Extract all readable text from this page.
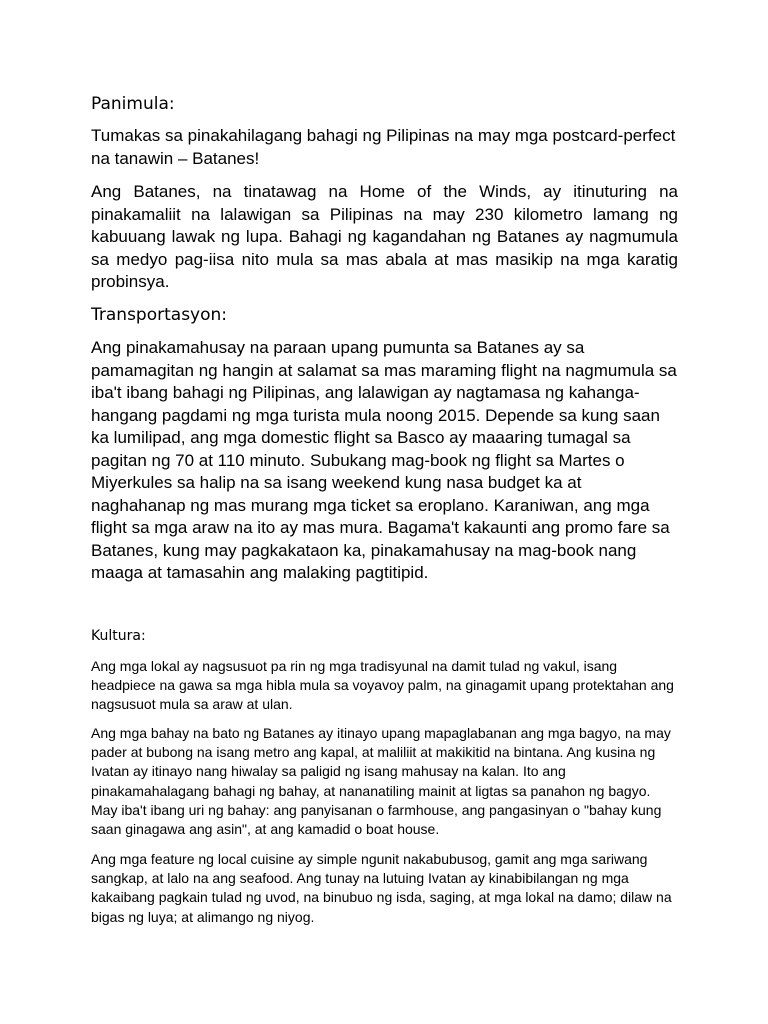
Panimula:

Tumakas sa pinakahilagang bahagi ng Pilipinas na may mga postcard-perfect na tanawin – Batanes!

Ang Batanes, na tinatawag na Home of the Winds, ay itinuturing na pinakamaliit na lalawigan sa Pilipinas na may 230 kilometro lamang ng kabuuang lawak ng lupa. Bahagi ng kagandahan ng Batanes ay nagmumula sa medyo pag-iisa nito mula sa mas abala at mas masikip na mga karatig probinsya.

Transportasyon:

Ang pinakamahusay na paraan upang pumunta sa Batanes ay sa pamamagitan ng hangin at salamat sa mas maraming flight na nagmumula sa iba't ibang bahagi ng Pilipinas, ang lalawigan ay nagtamasa ng kahanga-hangang pagdami ng mga turista mula noong 2015. Depende sa kung saan ka lumilipad, ang mga domestic flight sa Basco ay maaaring tumagal sa pagitan ng 70 at 110 minuto. Subukang mag-book ng flight sa Martes o Miyerkules sa halip na sa isang weekend kung nasa budget ka at naghahanap ng mas murang mga ticket sa eroplano. Karaniwan, ang mga flight sa mga araw na ito ay mas mura. Bagama't kakaunti ang promo fare sa Batanes, kung may pagkakataon ka, pinakamahusay na mag-book nang maaga at tamasahin ang malaking pagtitipid.

Kultura:

Ang mga lokal ay nagsusuot pa rin ng mga tradisyunal na damit tulad ng vakul, isang headpiece na gawa sa mga hibla mula sa voyavoy palm, na ginagamit upang protektahan ang nagsusuot mula sa araw at ulan.

Ang mga bahay na bato ng Batanes ay itinayo upang mapaglabanan ang mga bagyo, na may pader at bubong na isang metro ang kapal, at maliliit at makikitid na bintana. Ang kusina ng Ivatan ay itinayo nang hiwalay sa paligid ng isang mahusay na kalan. Ito ang pinakamahalagang bahagi ng bahay, at nananatiling mainit at ligtas sa panahon ng bagyo. May iba't ibang uri ng bahay: ang panyisanan o farmhouse, ang pangasinyan o "bahay kung saan ginagawa ang asin", at ang kamadid o boat house.

Ang mga feature ng local cuisine ay simple ngunit nakabubusog, gamit ang mga sariwang sangkap, at lalo na ang seafood. Ang tunay na lutuing Ivatan ay kinabibilangan ng mga kakaibang pagkain tulad ng uvod, na binubuo ng isda, saging, at mga lokal na damo; dilaw na bigas ng luya; at alimango ng niyog.
